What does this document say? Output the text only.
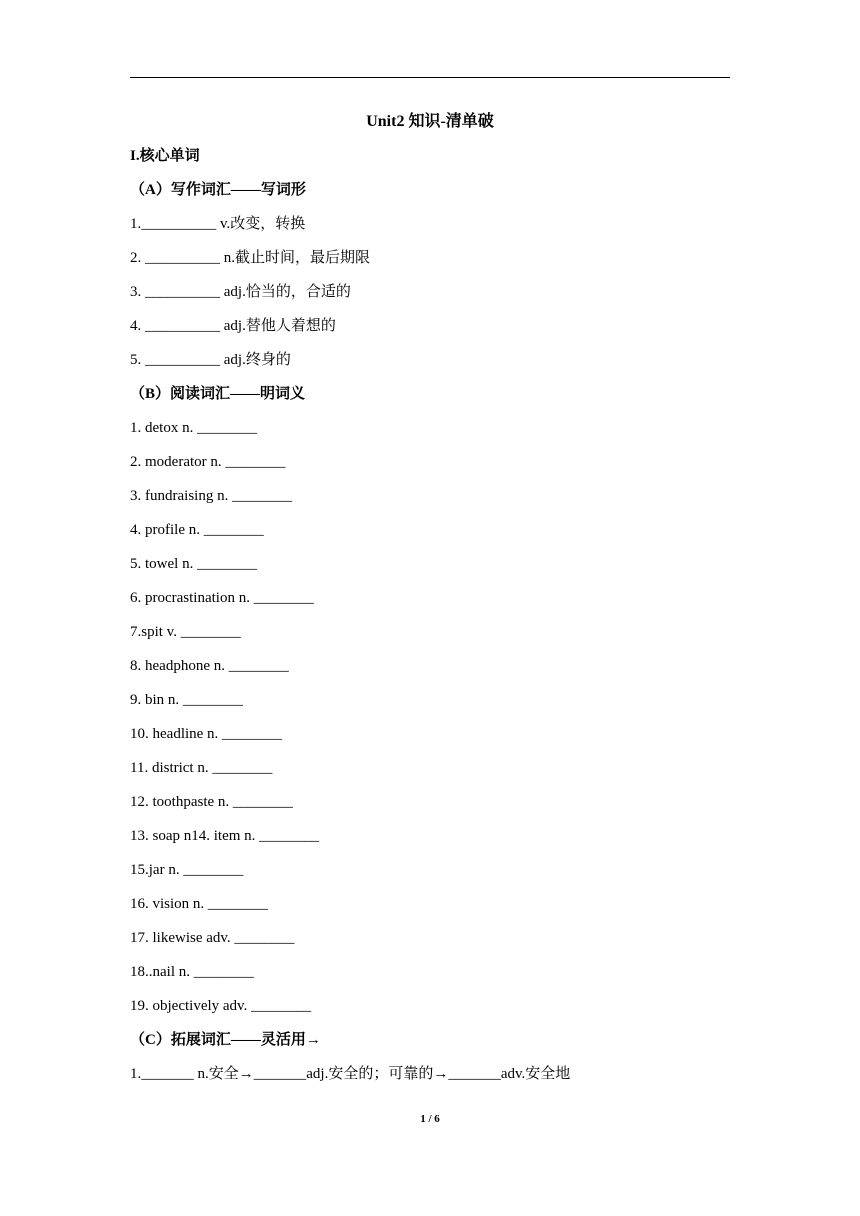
Unit2 知识-清单破
I.核心单词
（A）写作词汇——写词形
1.__________ v.改变，转换
2. __________ n.截止时间，最后期限
3. __________ adj.恰当的，合适的
4. __________ adj.替他人着想的
5. __________ adj.终身的
（B）阅读词汇——明词义
1. detox n. ________
2. moderator n. ________
3. fundraising n. ________
4. profile n. ________
5. towel n. ________
6. procrastination n. ________
7.spit v. ________
8. headphone n. ________
9. bin n. ________
10. headline n. ________
11. district n. ________
12. toothpaste n. ________
13. soap n14. item n. ________
15.jar n. ________
16. vision n. ________
17. likewise adv. ________
18..nail n. ________
19. objectively adv. ________
（C）拓展词汇——灵活用→
1._______ n.安全→_______adj.安全的；可靠的→_______adv.安全地
1 / 6
